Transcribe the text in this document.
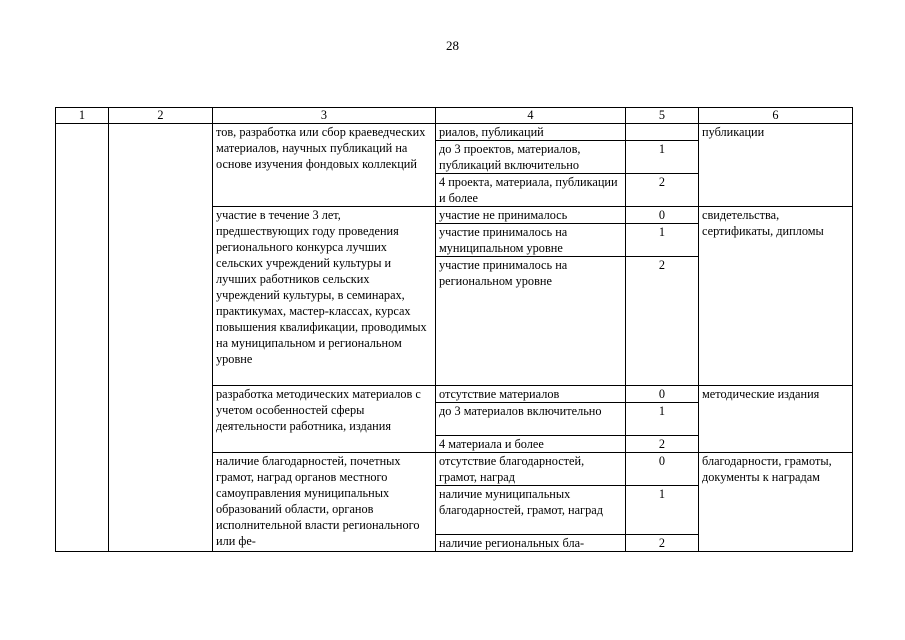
28
1	2	3	4	5	6
		тов, разработка или сбор краеведческих материалов, научных публикаций на основе изучения фондовых коллекций	риалов, публикаций		публикации
			до 3 проектов, материалов, публикаций включительно	1	
			4 проекта, материала, публикации и более	2	
		участие в течение 3 лет, предшествующих году проведения регионального конкурса лучших сельских учреждений культуры и лучших работников сельских учреждений культуры, в семинарах, практикумах, мастер-классах, курсах повышения квалификации, проводимых на муниципальном и региональном уровне	участие не принималось	0	свидетельства, сертификаты, дипломы
			участие принималось на муниципальном уровне	1	
			участие принималось на региональном уровне	2	
		разработка методических материалов с учетом особенностей сферы деятельности работника, издания	отсутствие материалов	0	методические издания
			до 3 материалов включительно	1	
			4 материала и более	2	
		наличие благодарностей, почетных грамот, наград органов местного самоуправления муниципальных образований области, органов исполнительной власти регионального или фе-	отсутствие благодарностей, грамот, наград	0	благодарности, грамоты, документы к наградам
			наличие муниципальных благодарностей, грамот, наград	1	
			наличие региональных бла-	2	
